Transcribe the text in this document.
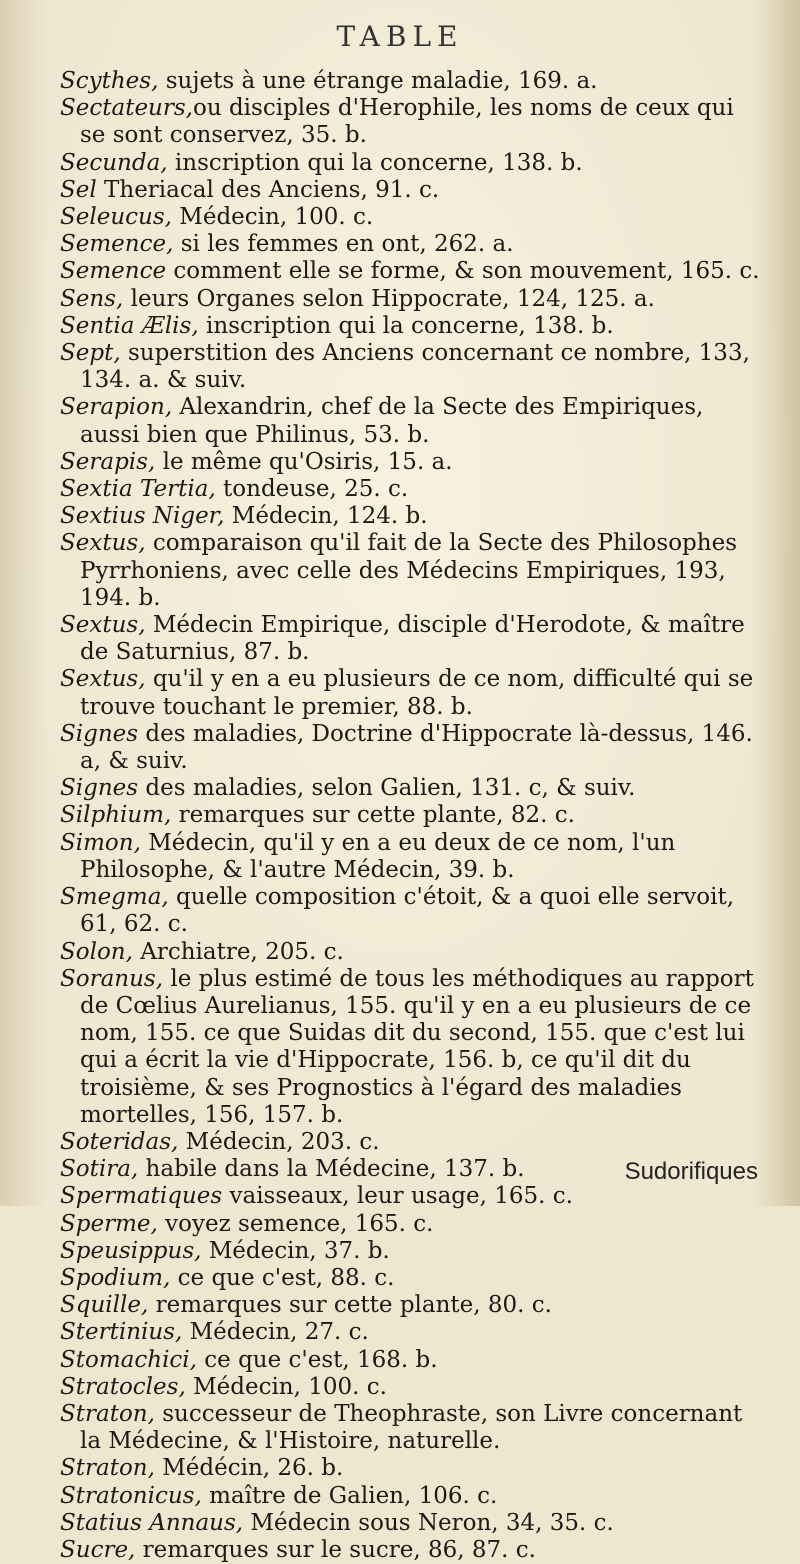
TABLE

Scythes, sujets à une étrange maladie, 169. a.

Sectateurs,ou disciples d'Herophile, les noms de ceux qui se sont conservez, 35. b.

Secunda, inscription qui la concerne, 138. b.

Sel Theriacal des Anciens, 91. c.

Seleucus, Médecin, 100. c.

Semence, si les femmes en ont, 262. a.

Semence comment elle se forme, & son mouvement, 165. c.

Sens, leurs Organes selon Hippocrate, 124, 125. a.

Sentia Ælis, inscription qui la concerne, 138. b.

Sept, superstition des Anciens concernant ce nombre, 133, 134. a. & suiv.

Serapion, Alexandrin, chef de la Secte des Empiriques, aussi bien que Philinus, 53. b.

Serapis, le même qu'Osiris, 15. a.

Sextia Tertia, tondeuse, 25. c.

Sextius Niger, Médecin, 124. b.

Sextus, comparaison qu'il fait de la Secte des Philosophes Pyrrhoniens, avec celle des Médecins Empiriques, 193, 194. b.

Sextus, Médecin Empirique, disciple d'Herodote, & maître de Saturnius, 87. b.

Sextus, qu'il y en a eu plusieurs de ce nom, difficulté qui se trouve touchant le premier, 88. b.

Signes des maladies, Doctrine d'Hippocrate là-dessus, 146. a, & suiv.

Signes des maladies, selon Galien, 131. c, & suiv.

Silphium, remarques sur cette plante, 82. c.

Simon, Médecin, qu'il y en a eu deux de ce nom, l'un Philosophe, & l'autre Médecin, 39. b.

Smegma, quelle composition c'étoit, & a quoi elle servoit, 61, 62. c.

Solon, Archiatre, 205. c.

Soranus, le plus estimé de tous les méthodiques au rapport de Cœlius Aurelianus, 155. qu'il y en a eu plusieurs de ce nom, 155. ce que Suidas dit du second, 155. que c'est lui qui a écrit la vie d'Hippocrate, 156. b, ce qu'il dit du troisième, & ses Prognostics à l'égard des maladies mortelles, 156, 157. b.

Soteridas, Médecin, 203. c.

Sotira, habile dans la Médecine, 137. b.

Spermatiques vaisseaux, leur usage, 165. c.

Sperme, voyez semence, 165. c.

Speusippus, Médecin, 37. b.

Spodium, ce que c'est, 88. c.

Squille, remarques sur cette plante, 80. c.

Stertinius, Médecin, 27. c.

Stomachici, ce que c'est, 168. b.

Stratocles, Médecin, 100. c.

Straton, successeur de Theophraste, son Livre concernant la Médecine, & l'Histoire, naturelle.

Straton, Médécin, 26. b.

Stratonicus, maître de Galien, 106. c.

Statius Annaus, Médecin sous Neron, 34, 35. c.

Sucre, remarques sur le sucre, 86, 87. c.

Sudorifiques
